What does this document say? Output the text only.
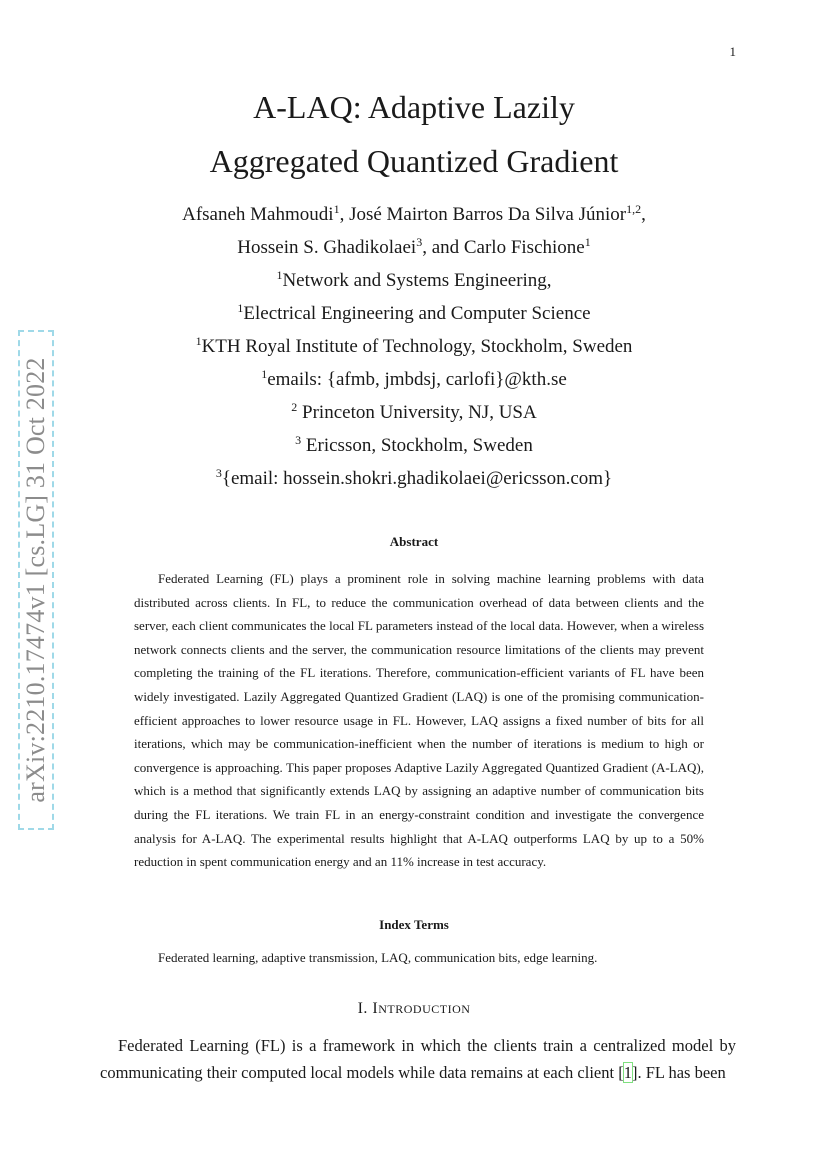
1
arXiv:2210.17474v1 [cs.LG] 31 Oct 2022
A-LAQ: Adaptive Lazily
Aggregated Quantized Gradient
Afsaneh Mahmoudi$^1$, José Mairton Barros Da Silva Júnior$^{1,2}$,
Hossein S. Ghadikolaei$^3$, and Carlo Fischione$^1$
$^1$Network and Systems Engineering,
$^1$Electrical Engineering and Computer Science
$^1$KTH Royal Institute of Technology, Stockholm, Sweden
$^1$emails: {afmb, jmbdsj, carlofi}@kth.se
$^2$ Princeton University, NJ, USA
$^3$ Ericsson, Stockholm, Sweden
$^3${email: hossein.shokri.ghadikolaei@ericsson.com}
Abstract
Federated Learning (FL) plays a prominent role in solving machine learning problems with data distributed across clients. In FL, to reduce the communication overhead of data between clients and the server, each client communicates the local FL parameters instead of the local data. However, when a wireless network connects clients and the server, the communication resource limitations of the clients may prevent completing the training of the FL iterations. Therefore, communication-efficient variants of FL have been widely investigated. Lazily Aggregated Quantized Gradient (LAQ) is one of the promising communication-efficient approaches to lower resource usage in FL. However, LAQ assigns a fixed number of bits for all iterations, which may be communication-inefficient when the number of iterations is medium to high or convergence is approaching. This paper proposes Adaptive Lazily Aggregated Quantized Gradient (A-LAQ), which is a method that significantly extends LAQ by assigning an adaptive number of communication bits during the FL iterations. We train FL in an energy-constraint condition and investigate the convergence analysis for A-LAQ. The experimental results highlight that A-LAQ outperforms LAQ by up to a 50% reduction in spent communication energy and an 11% increase in test accuracy.
Index Terms
Federated learning, adaptive transmission, LAQ, communication bits, edge learning.
I. INTRODUCTION
Federated Learning (FL) is a framework in which the clients train a centralized model by communicating their computed local models while data remains at each client [1]. FL has been
